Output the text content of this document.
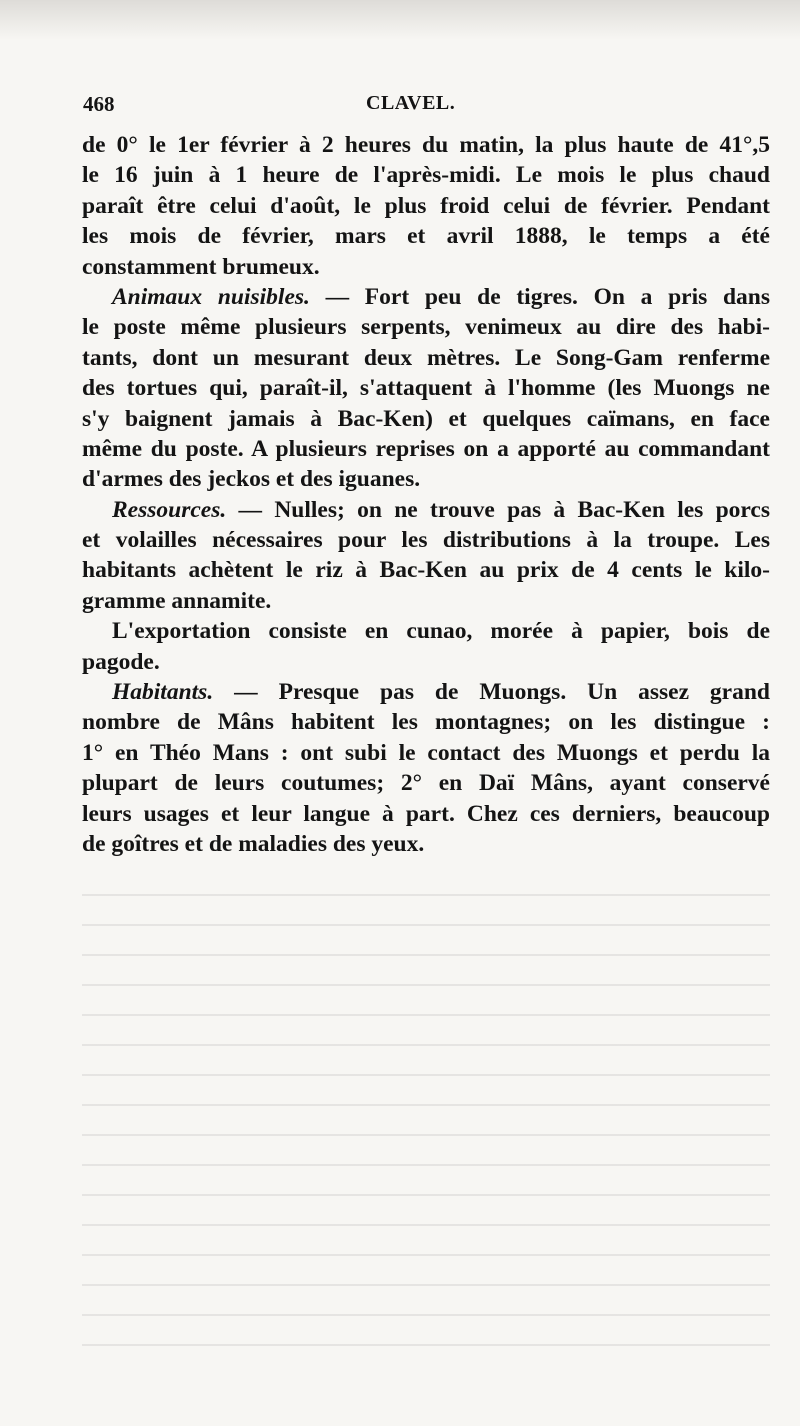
468	CLAVEL.
de 0° le 1er février à 2 heures du matin, la plus haute de 41°,5
le 16 juin à 1 heure de l'après-midi. Le mois le plus chaud
paraît être celui d'août, le plus froid celui de février. Pendant
les mois de février, mars et avril 1888, le temps a été
constamment brumeux.
Animaux nuisibles. — Fort peu de tigres. On a pris dans
le poste même plusieurs serpents, venimeux au dire des habi-
tants, dont un mesurant deux mètres. Le Song-Gam renferme
des tortues qui, paraît-il, s'attaquent à l'homme (les Muongs ne
s'y baignent jamais à Bac-Ken) et quelques caïmans, en face
même du poste. A plusieurs reprises on a apporté au commandant
d'armes des jeckos et des iguanes.
Ressources. — Nulles; on ne trouve pas à Bac-Ken les porcs
et volailles nécessaires pour les distributions à la troupe. Les
habitants achètent le riz à Bac-Ken au prix de 4 cents le kilo-
gramme annamite.
L'exportation consiste en cunao, morée à papier, bois de
pagode.
Habitants. — Presque pas de Muongs. Un assez grand
nombre de Mâns habitent les montagnes; on les distingue :
1° en Théo Mans : ont subi le contact des Muongs et perdu la
plupart de leurs coutumes; 2° en Daï Mâns, ayant conservé
leurs usages et leur langue à part. Chez ces derniers, beaucoup
de goîtres et de maladies des yeux.
